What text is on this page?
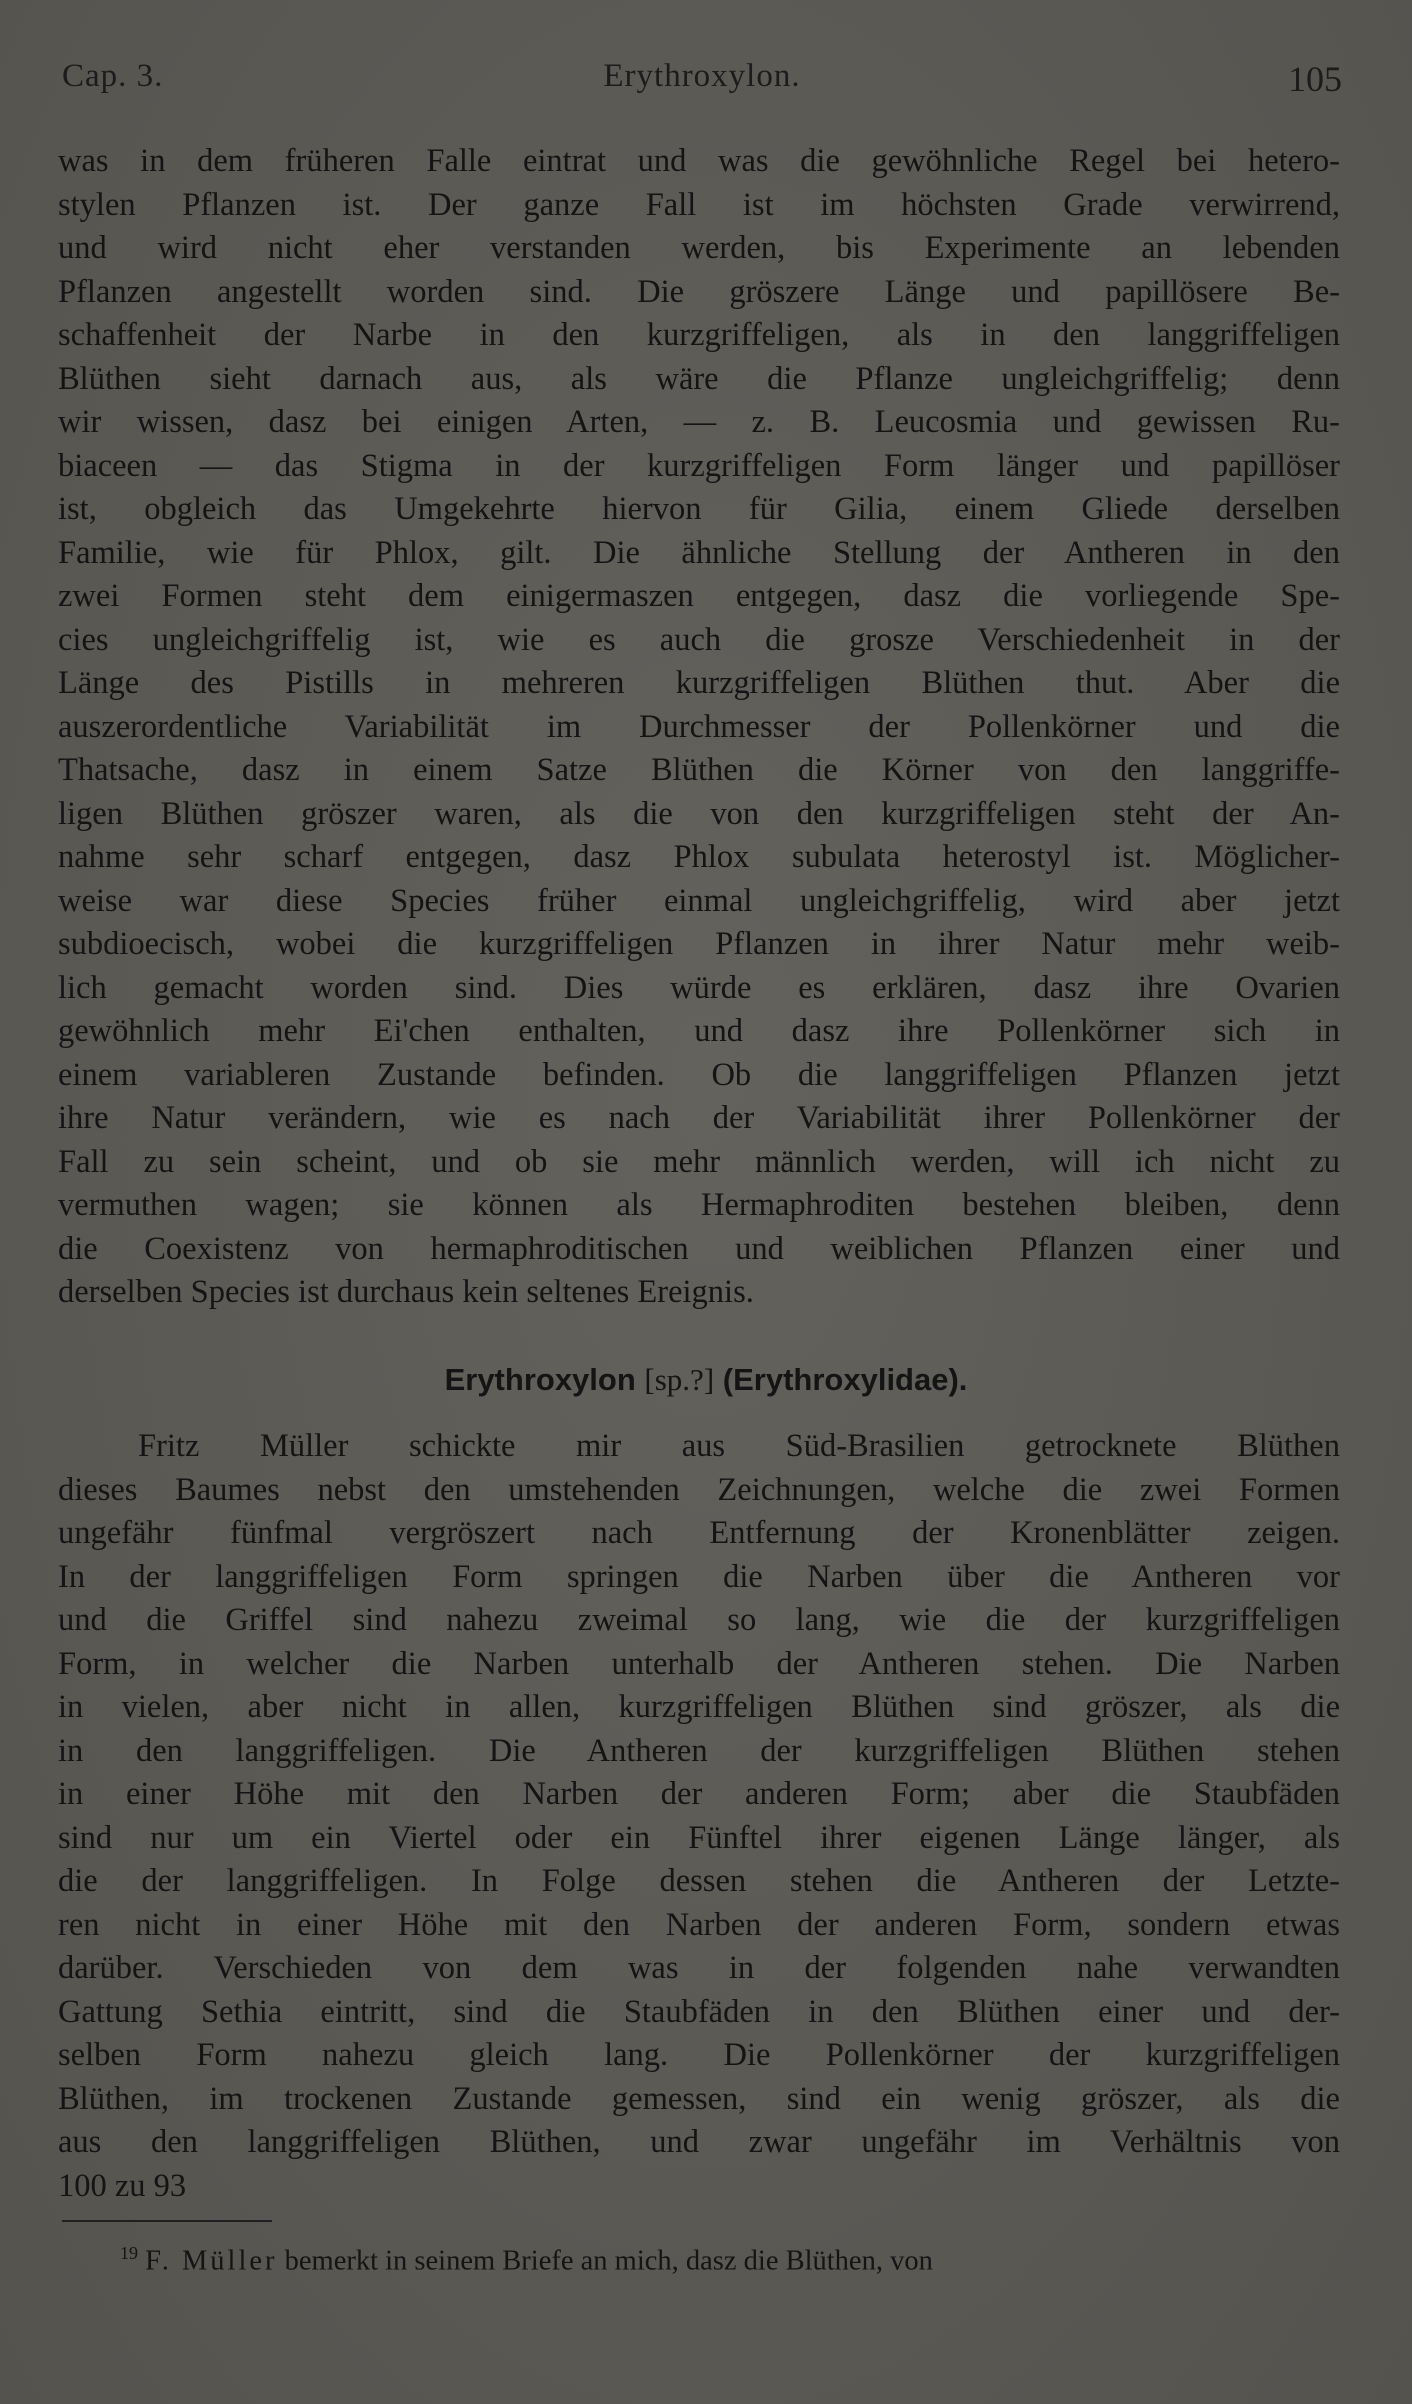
Cap. 3.	Erythroxylon.	105
was in dem früheren Falle eintrat und was die gewöhnliche Regel bei hetero-
stylen Pflanzen ist. Der ganze Fall ist im höchsten Grade verwirrend,
und wird nicht eher verstanden werden, bis Experimente an lebenden
Pflanzen angestellt worden sind. Die gröszere Länge und papillösere Be-
schaffenheit der Narbe in den kurzgriffeligen, als in den langgriffeligen
Blüthen sieht darnach aus, als wäre die Pflanze ungleichgriffelig; denn
wir wissen, dasz bei einigen Arten, — z. B. Leucosmia und gewissen Ru-
biaceen — das Stigma in der kurzgriffeligen Form länger und papillöser
ist, obgleich das Umgekehrte hiervon für Gilia, einem Gliede derselben
Familie, wie für Phlox, gilt. Die ähnliche Stellung der Antheren in den
zwei Formen steht dem einigermaszen entgegen, dasz die vorliegende Spe-
cies ungleichgriffelig ist, wie es auch die grosze Verschiedenheit in der
Länge des Pistills in mehreren kurzgriffeligen Blüthen thut. Aber die
auszerordentliche Variabilität im Durchmesser der Pollenkörner und die
Thatsache, dasz in einem Satze Blüthen die Körner von den langgriffe-
ligen Blüthen gröszer waren, als die von den kurzgriffeligen steht der An-
nahme sehr scharf entgegen, dasz Phlox subulata heterostyl ist. Möglicher-
weise war diese Species früher einmal ungleichgriffelig, wird aber jetzt
subdioecisch, wobei die kurzgriffeligen Pflanzen in ihrer Natur mehr weib-
lich gemacht worden sind. Dies würde es erklären, dasz ihre Ovarien
gewöhnlich mehr Ei'chen enthalten, und dasz ihre Pollenkörner sich in
einem variableren Zustande befinden. Ob die langgriffeligen Pflanzen jetzt
ihre Natur verändern, wie es nach der Variabilität ihrer Pollenkörner der
Fall zu sein scheint, und ob sie mehr männlich werden, will ich nicht zu
vermuthen wagen; sie können als Hermaphroditen bestehen bleiben, denn
die Coexistenz von hermaphroditischen und weiblichen Pflanzen einer und
derselben Species ist durchaus kein seltenes Ereignis.
Erythroxylon [sp.?] (Erythroxylidae).
Fritz Müller schickte mir aus Süd-Brasilien getrocknete Blüthen
dieses Baumes nebst den umstehenden Zeichnungen, welche die zwei Formen
ungefähr fünfmal vergröszert nach Entfernung der Kronenblätter zeigen.
In der langgriffeligen Form springen die Narben über die Antheren vor
und die Griffel sind nahezu zweimal so lang, wie die der kurzgriffeligen
Form, in welcher die Narben unterhalb der Antheren stehen. Die Narben
in vielen, aber nicht in allen, kurzgriffeligen Blüthen sind gröszer, als die
in den langgriffeligen. Die Antheren der kurzgriffeligen Blüthen stehen
in einer Höhe mit den Narben der anderen Form; aber die Staubfäden
sind nur um ein Viertel oder ein Fünftel ihrer eigenen Länge länger, als
die der langgriffeligen. In Folge dessen stehen die Antheren der Letzte-
ren nicht in einer Höhe mit den Narben der anderen Form, sondern etwas
darüber. Verschieden von dem was in der folgenden nahe verwandten
Gattung Sethia eintritt, sind die Staubfäden in den Blüthen einer und der-
selben Form nahezu gleich lang. Die Pollenkörner der kurzgriffeligen
Blüthen, im trockenen Zustande gemessen, sind ein wenig gröszer, als die
aus den langgriffeligen Blüthen, und zwar ungefähr im Verhältnis von
100 zu 93
$^{19}$ F. Müller bemerkt in seinem Briefe an mich, dasz die Blüthen, von
